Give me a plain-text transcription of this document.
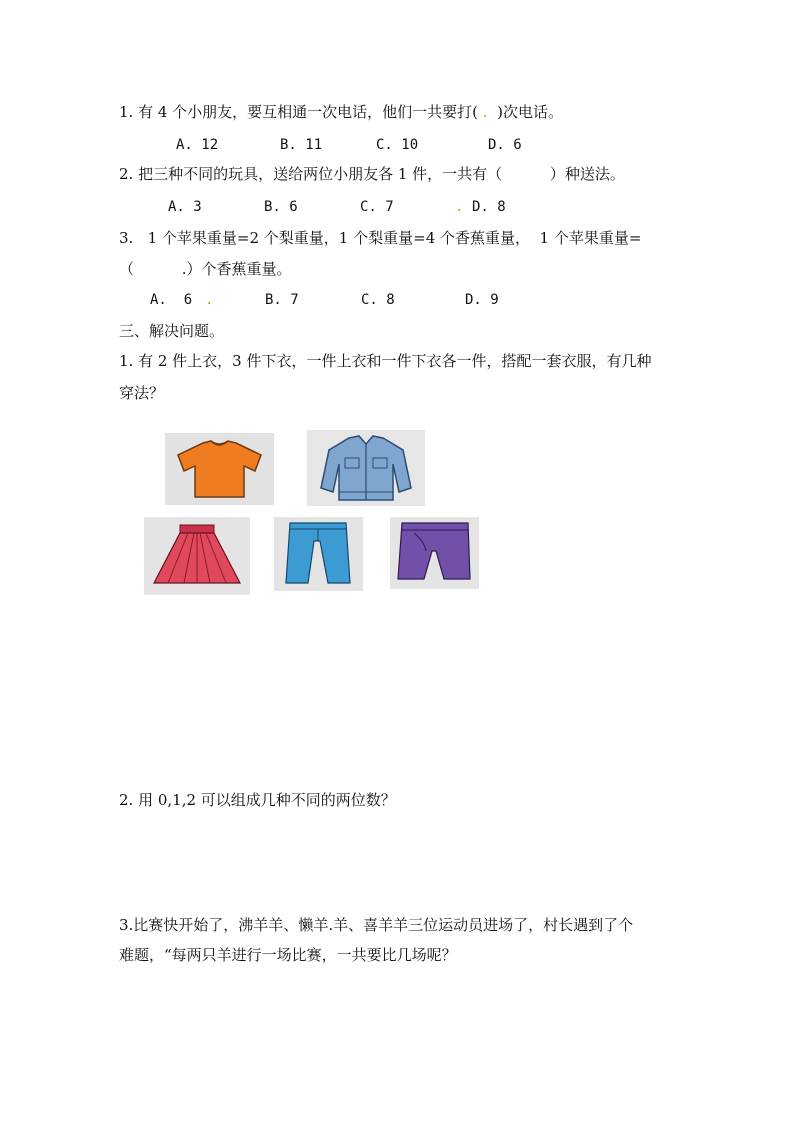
1. 有 4 个小朋友，要互相通一次电话，他们一共要打( .  )次电话。
A. 12	B. 11	C. 10	D. 6
2. 把三种不同的玩具，送给两位小朋友各 1 件，一共有（          ）种送法。
A. 3	B. 6	C. 7	. D. 8
3.   1 个苹果重量=2 个梨重量，1 个梨重量=4 个香蕉重量，  1 个苹果重量=
（          .）个香蕉重量。
A.  6 .	B. 7	C. 8	D. 9
三、解决问题。
1. 有 2 件上衣，3 件下衣，一件上衣和一件下衣各一件，搭配一套衣服，有几种
穿法？
2. 用 0,1,2 可以组成几种不同的两位数？
3.比赛快开始了，沸羊羊、懒羊.羊、喜羊羊三位运动员进场了，村长遇到了个
难题，“每两只羊进行一场比赛，一共要比几场呢？
